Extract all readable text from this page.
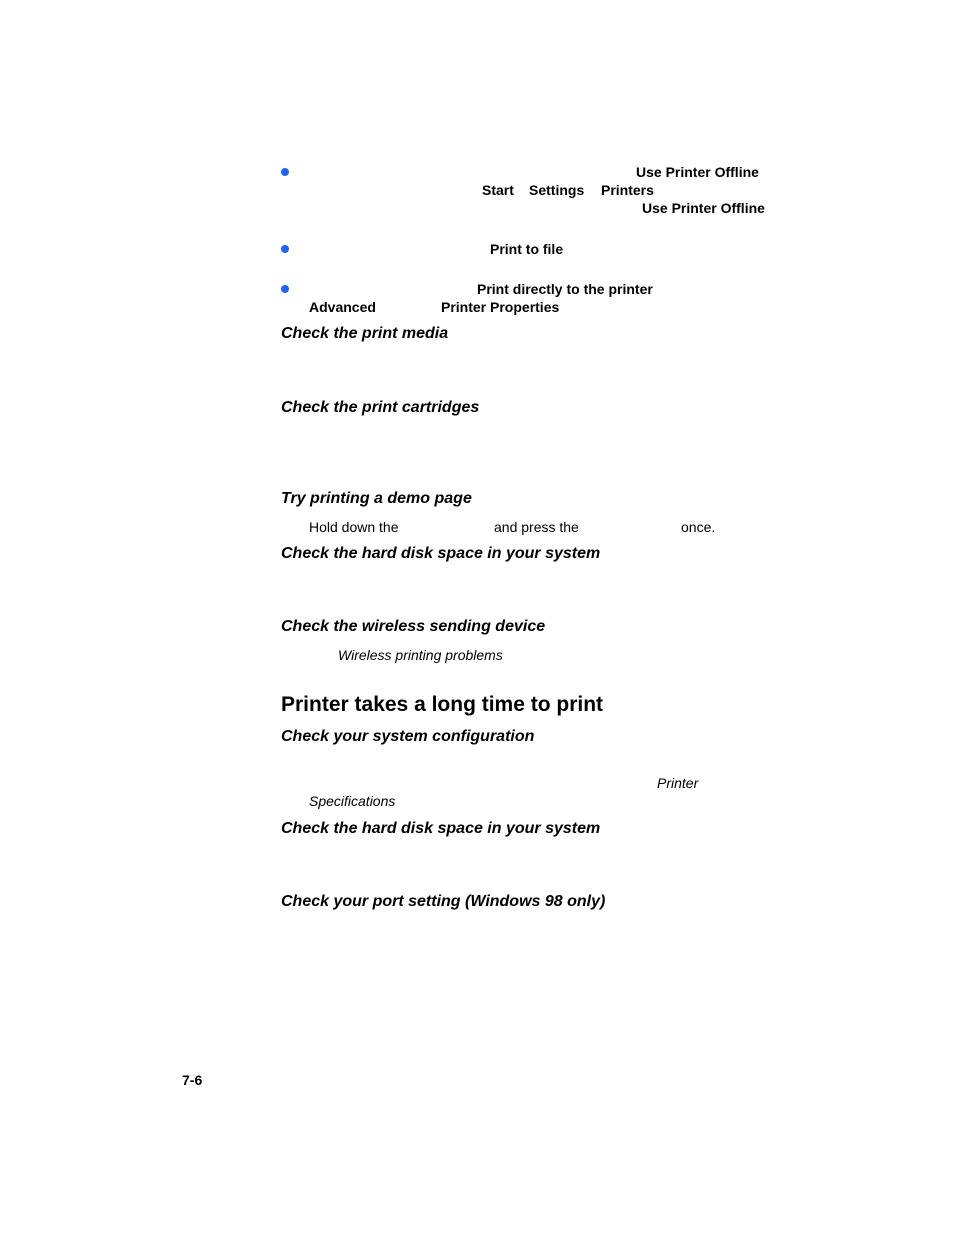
Use Printer Offline
Start Settings Printers
Use Printer Offline
Print to file
Print directly to the printer
Advanced	Printer Properties
Check the print media
Check the print cartridges
Try printing a demo page
Hold down the	and press the	once.
Check the hard disk space in your system
Check the wireless sending device
Wireless printing problems
Printer takes a long time to print
Check your system configuration
Printer
Specifications
Check the hard disk space in your system
Check your port setting (Windows 98 only)
7-6
